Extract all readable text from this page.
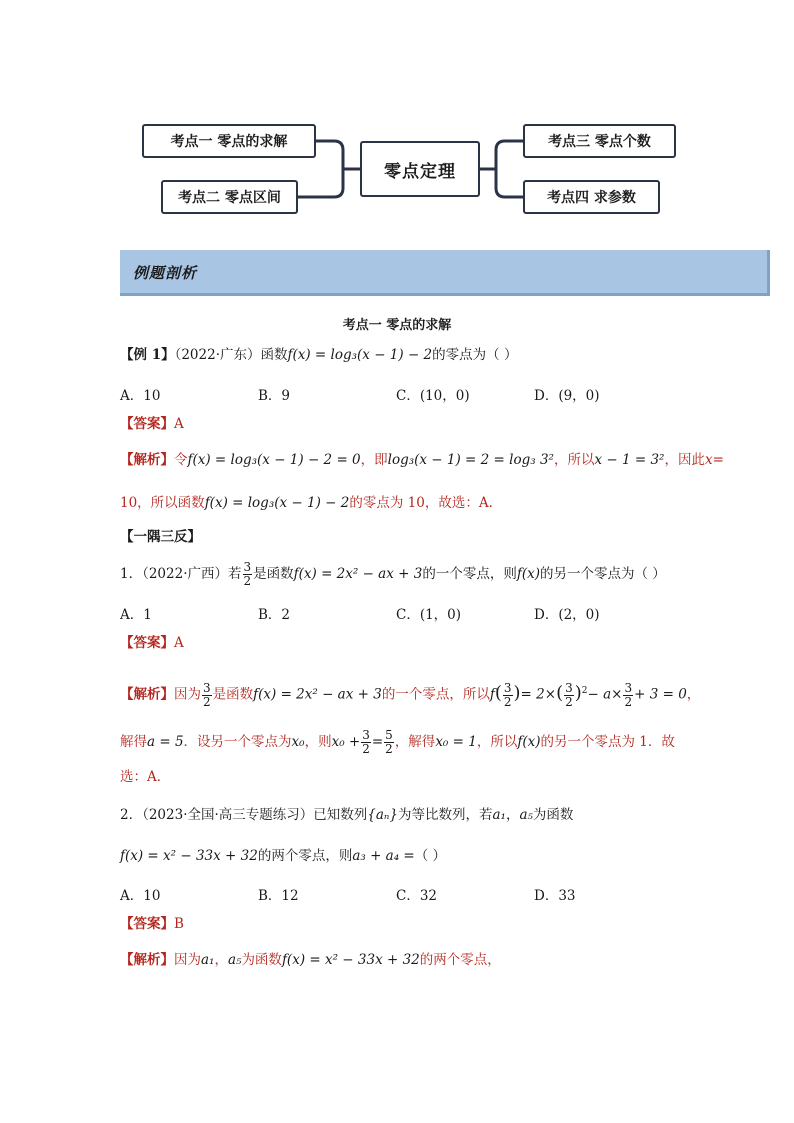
考点一 零点的求解
考点二 零点区间
零点定理
考点三 零点个数
考点四 求参数
例题剖析
考点一 零点的求解
【例 1】（2022·广东）函数f(x) = log₃(x − 1) − 2的零点为（ ）
A．10	B．9	C．(10，0)	D．(9，0)
【答案】A
【解析】令f(x) = log₃(x − 1) − 2 = 0，即log₃(x − 1) = 2 = log₃ 3²，所以x − 1 = 3²，因此x=
10，所以函数f(x) = log₃(x − 1) − 2的零点为 10，故选：A.
【一隅三反】
1．（2022·广西）若 $\frac{3}{2}$ 是函数f(x) = 2x² − ax + 3的一个零点，则f(x)的另一个零点为（ ）
A．1	B．2	C．(1，0)	D．(2，0)
【答案】A
【解析】因为 $\frac{3}{2}$ 是函数f(x) = 2x² − ax + 3的一个零点，所以$f( \frac{3}{2}$ )= $2\times( \frac{3}{2} )^2- a\times \frac{3}{2} + 3 = 0$，
解得a = 5．设另一个零点为x₀，则$x_0 + \frac{3}{2} = \frac{5}{2}$ ，解得x₀ = 1，所以f(x)的另一个零点为 1．故
选：A．
2．（2023·全国·高三专题练习）已知数列{aₙ}为等比数列，若a₁，a₅为函数
f(x) = x² − 33x + 32的两个零点，则a₃ + a₄ =（ ）
A．10	B．12	C．32	D．33
【答案】B
【解析】因为a₁，a₅为函数f(x) = x² − 33x + 32的两个零点，
